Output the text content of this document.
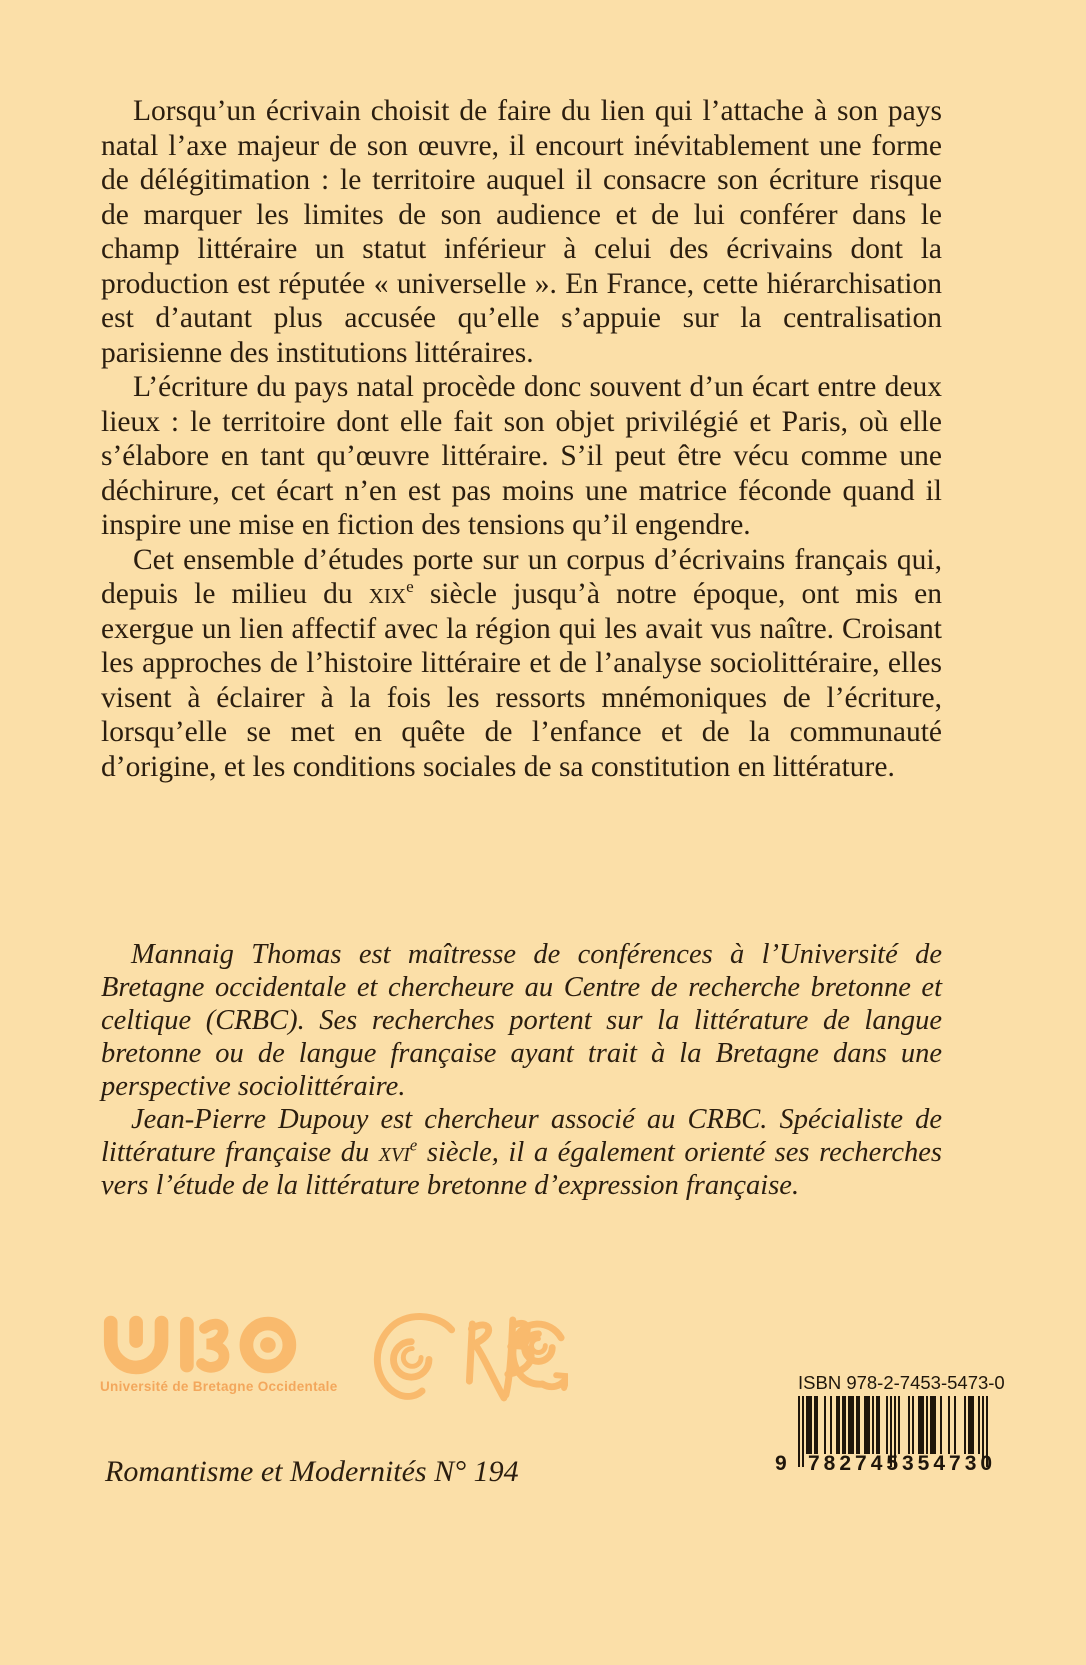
Lorsqu’un écrivain choisit de faire du lien qui l’attache à son pays natal l’axe majeur de son œuvre, il encourt inévitablement une forme de délégitimation : le territoire auquel il consacre son écriture risque de marquer les limites de son audience et de lui conférer dans le champ littéraire un statut inférieur à celui des écrivains dont la production est réputée « universelle ». En France, cette hiérarchisation est d’autant plus accusée qu’elle s’appuie sur la centralisation parisienne des institutions littéraires.

L’écriture du pays natal procède donc souvent d’un écart entre deux lieux : le territoire dont elle fait son objet privilégié et Paris, où elle s’élabore en tant qu’œuvre littéraire. S’il peut être vécu comme une déchirure, cet écart n’en est pas moins une matrice féconde quand il inspire une mise en fiction des tensions qu’il engendre.

Cet ensemble d’études porte sur un corpus d’écrivains français qui, depuis le milieu du xix$^e$ siècle jusqu’à notre époque, ont mis en exergue un lien affectif avec la région qui les avait vus naître. Croisant les approches de l’histoire littéraire et de l’analyse sociolittéraire, elles visent à éclairer à la fois les ressorts mnémoniques de l’écriture, lorsqu’elle se met en quête de l’enfance et de la communauté d’origine, et les conditions sociales de sa constitution en littérature.

Mannaig Thomas est maîtresse de conférences à l’Université de Bretagne occidentale et chercheure au Centre de recherche bretonne et celtique (CRBC). Ses recherches portent sur la littérature de langue bretonne ou de langue française ayant trait à la Bretagne dans une perspective sociolittéraire.

Jean-Pierre Dupouy est chercheur associé au CRBC. Spécialiste de littérature française du xvi$^e$ siècle, il a également orienté ses recherches vers l’étude de la littérature bretonne d’expression française.

Université de Bretagne Occidentale	ISBN 978-2-7453-5473-0
9 782745 354730
Romantisme et Modernités N° 194
